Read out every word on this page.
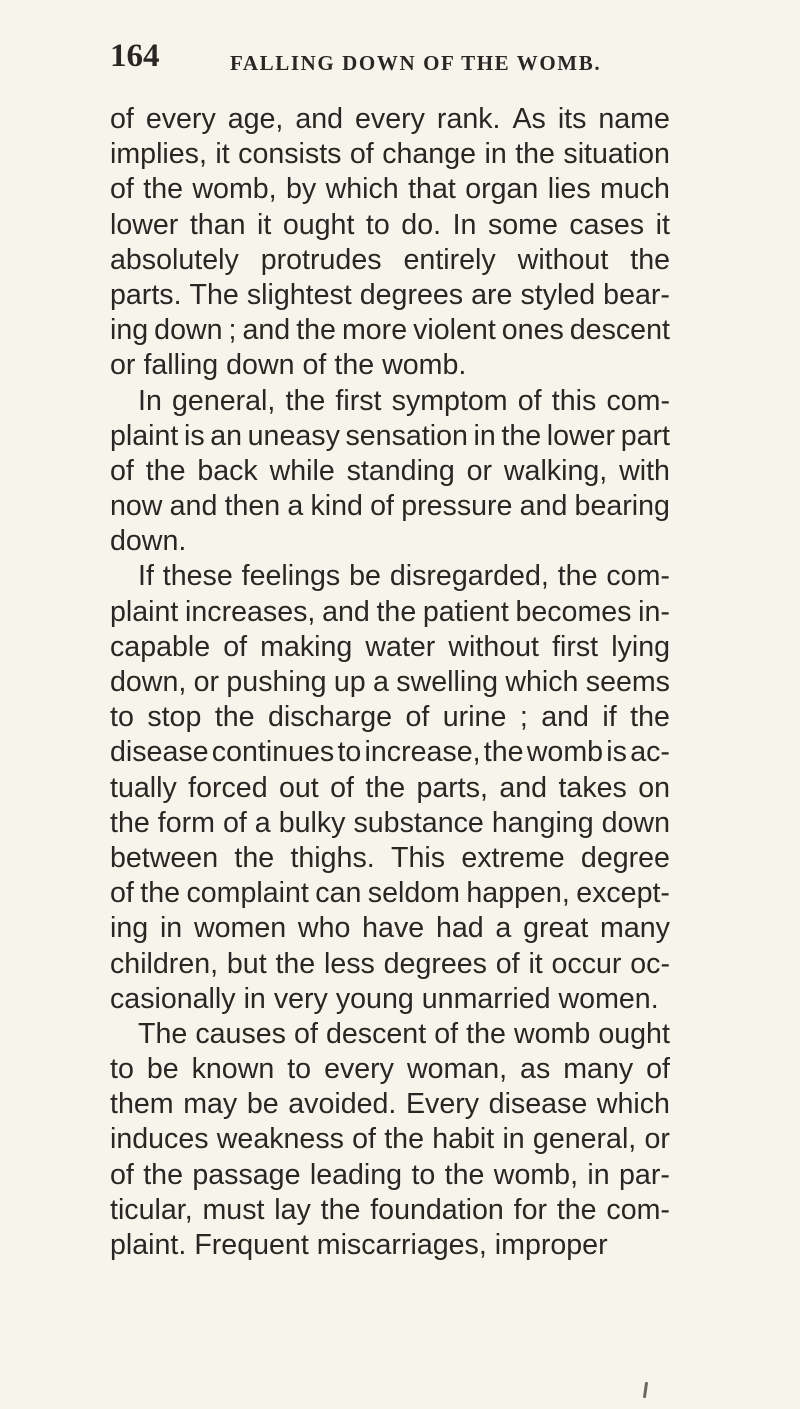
164	FALLING DOWN OF THE WOMB.
of every age, and every rank. As its name
implies, it consists of change in the situation
of the womb, by which that organ lies much
lower than it ought to do. In some cases it
absolutely protrudes entirely without the
parts. The slightest degrees are styled bear-
ing down ; and the more violent ones descent
or falling down of the womb.
In general, the first symptom of this com-
plaint is an uneasy sensation in the lower part
of the back while standing or walking, with
now and then a kind of pressure and bearing
down.
If these feelings be disregarded, the com-
plaint increases, and the patient becomes in-
capable of making water without first lying
down, or pushing up a swelling which seems
to stop the discharge of urine ; and if the
disease continues to increase, the womb is ac-
tually forced out of the parts, and takes on
the form of a bulky substance hanging down
between the thighs. This extreme degree
of the complaint can seldom happen, except-
ing in women who have had a great many
children, but the less degrees of it occur oc-
casionally in very young unmarried women.
The causes of descent of the womb ought
to be known to every woman, as many of
them may be avoided. Every disease which
induces weakness of the habit in general, or
of the passage leading to the womb, in par-
ticular, must lay the foundation for the com-
plaint. Frequent miscarriages, improper
